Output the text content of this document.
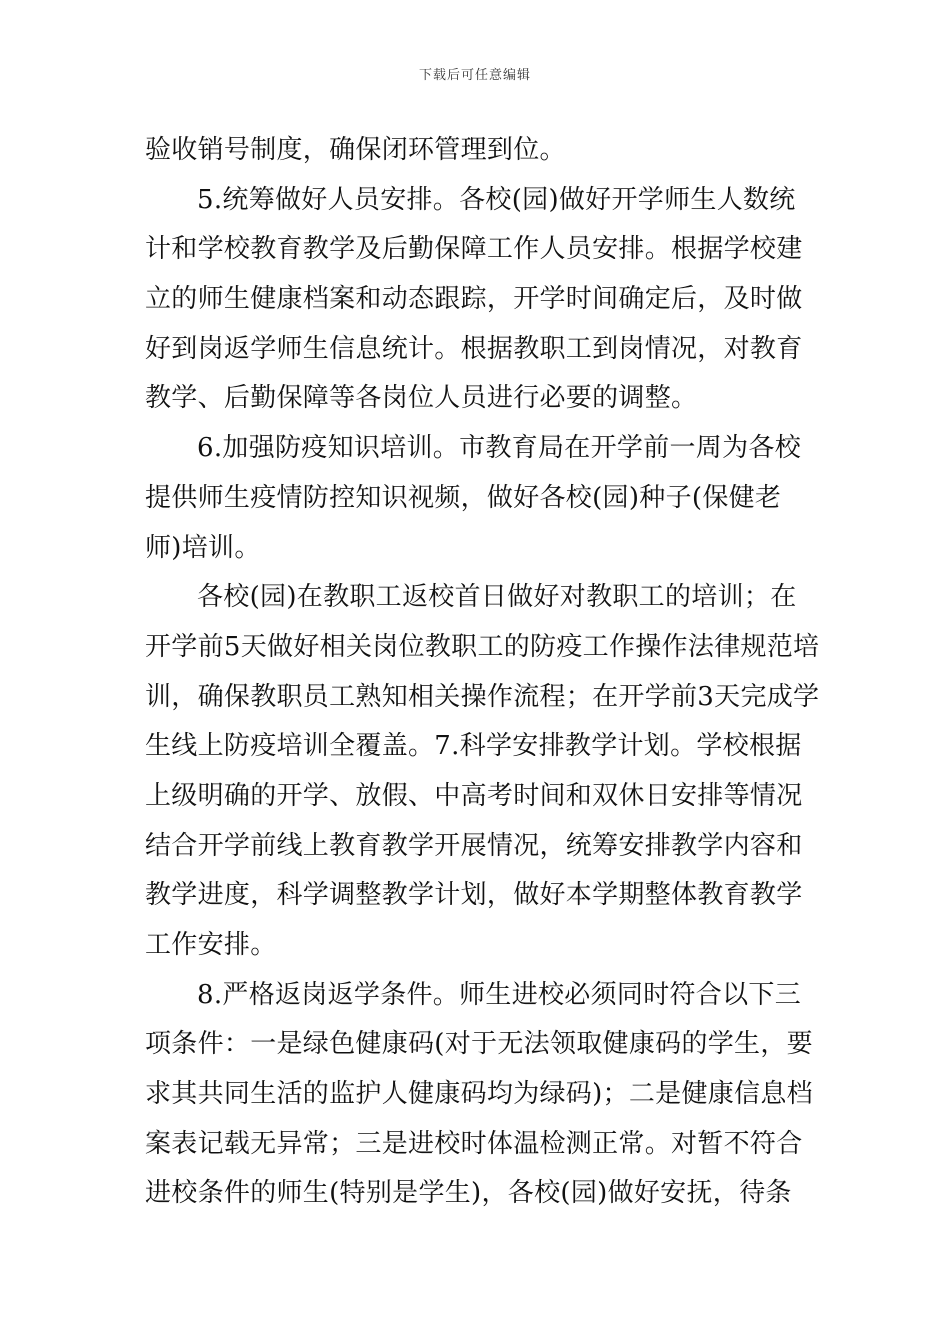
下载后可任意编辑
验收销号制度，确保闭环管理到位。
5.统筹做好人员安排。各校(园)做好开学师生人数统
计和学校教育教学及后勤保障工作人员安排。根据学校建
立的师生健康档案和动态跟踪，开学时间确定后，及时做
好到岗返学师生信息统计。根据教职工到岗情况，对教育
教学、后勤保障等各岗位人员进行必要的调整。
6.加强防疫知识培训。市教育局在开学前一周为各校
提供师生疫情防控知识视频，做好各校(园)种子(保健老
师)培训。
各校(园)在教职工返校首日做好对教职工的培训；在
开学前5天做好相关岗位教职工的防疫工作操作法律规范培
训，确保教职员工熟知相关操作流程；在开学前3天完成学
生线上防疫培训全覆盖。7.科学安排教学计划。学校根据
上级明确的开学、放假、中高考时间和双休日安排等情况
结合开学前线上教育教学开展情况，统筹安排教学内容和
教学进度，科学调整教学计划，做好本学期整体教育教学
工作安排。
8.严格返岗返学条件。师生进校必须同时符合以下三
项条件：一是绿色健康码(对于无法领取健康码的学生，要
求其共同生活的监护人健康码均为绿码)；二是健康信息档
案表记载无异常；三是进校时体温检测正常。对暂不符合
进校条件的师生(特别是学生)，各校(园)做好安抚，待条
